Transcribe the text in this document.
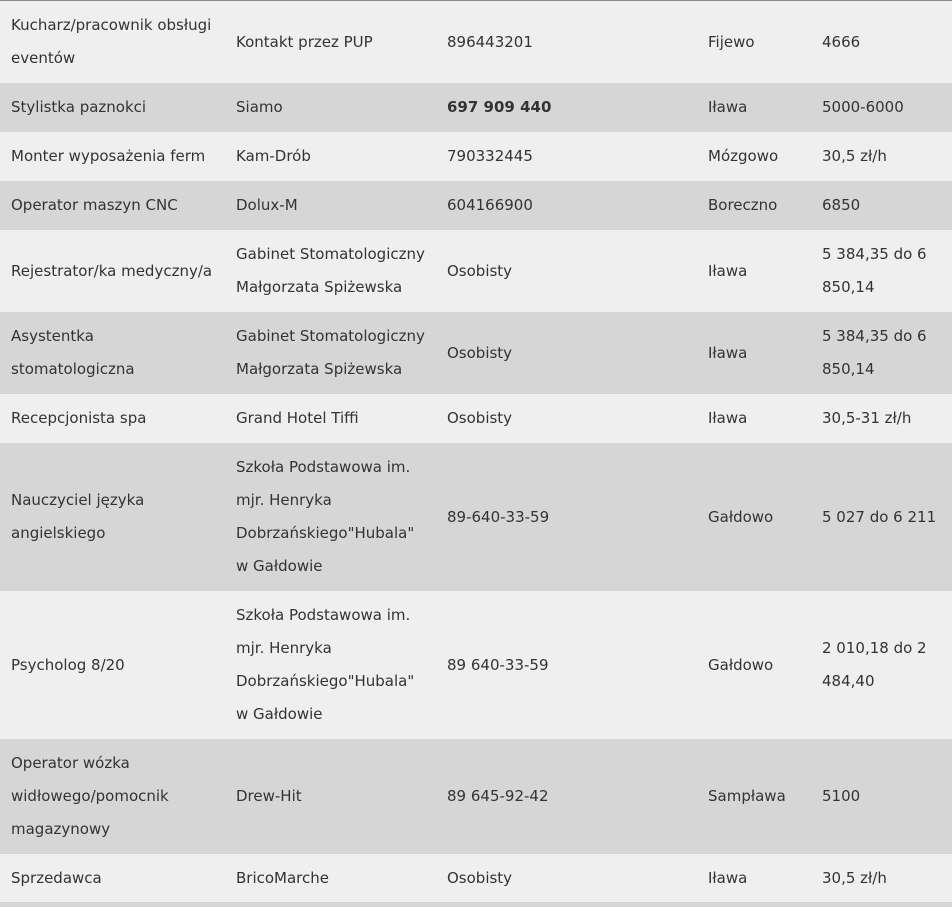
Kucharz/pracownik obsługi eventów	Kontakt przez PUP	896443201	Fijewo	4666
Stylistka paznokci	Siamo	697 909 440	Iława	5000-6000
Monter wyposażenia ferm	Kam-Drób	790332445	Mózgowo	30,5 zł/h
Operator maszyn CNC	Dolux-M	604166900	Boreczno	6850
Rejestrator/ka medyczny/a	Gabinet Stomatologiczny Małgorzata Spiżewska	Osobisty	Iława	5 384,35 do 6 850,14
Asystentka stomatologiczna	Gabinet Stomatologiczny Małgorzata Spiżewska	Osobisty	Iława	5 384,35 do 6 850,14
Recepcjonista spa	Grand Hotel Tiffi	Osobisty	Iława	30,5-31 zł/h
Nauczyciel języka angielskiego	Szkoła Podstawowa im. mjr. Henryka Dobrzańskiego"Hubala" w Gałdowie	89-640-33-59	Gałdowo	5 027 do 6 211
Psycholog 8/20	Szkoła Podstawowa im. mjr. Henryka Dobrzańskiego"Hubala" w Gałdowie	89 640-33-59	Gałdowo	2 010,18 do 2 484,40
Operator wózka widłowego/pomocnik magazynowy	Drew-Hit	89 645-92-42	Sampława	5100
Sprzedawca	BricoMarche	Osobisty	Iława	30,5 zł/h
